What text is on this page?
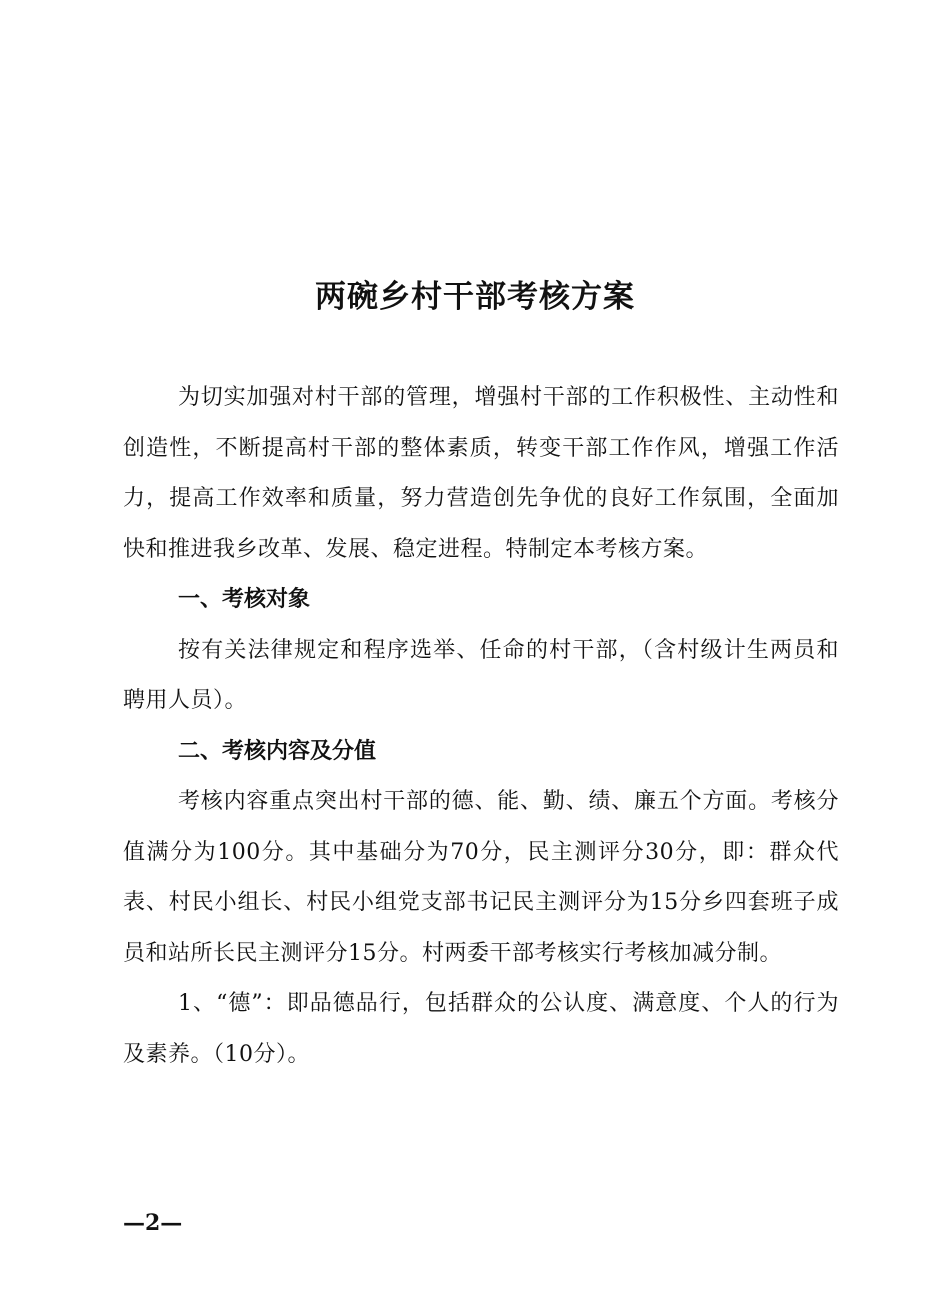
两碗乡村干部考核方案

为切实加强对村干部的管理，增强村干部的工作积极性、主动性和创造性，不断提高村干部的整体素质，转变干部工作作风，增强工作活力，提高工作效率和质量，努力营造创先争优的良好工作氛围，全面加快和推进我乡改革、发展、稳定进程。特制定本考核方案。

一、考核对象

按有关法律规定和程序选举、任命的村干部，（含村级计生两员和聘用人员）。

二、考核内容及分值

考核内容重点突出村干部的德、能、勤、绩、廉五个方面。考核分值满分为100分。其中基础分为70分，民主测评分30分，即：群众代表、村民小组长、村民小组党支部书记民主测评分为15分乡四套班子成员和站所长民主测评分15分。村两委干部考核实行考核加减分制。

1、“德”：即品德品行，包括群众的公认度、满意度、个人的行为及素养。（10分）。

—2—
